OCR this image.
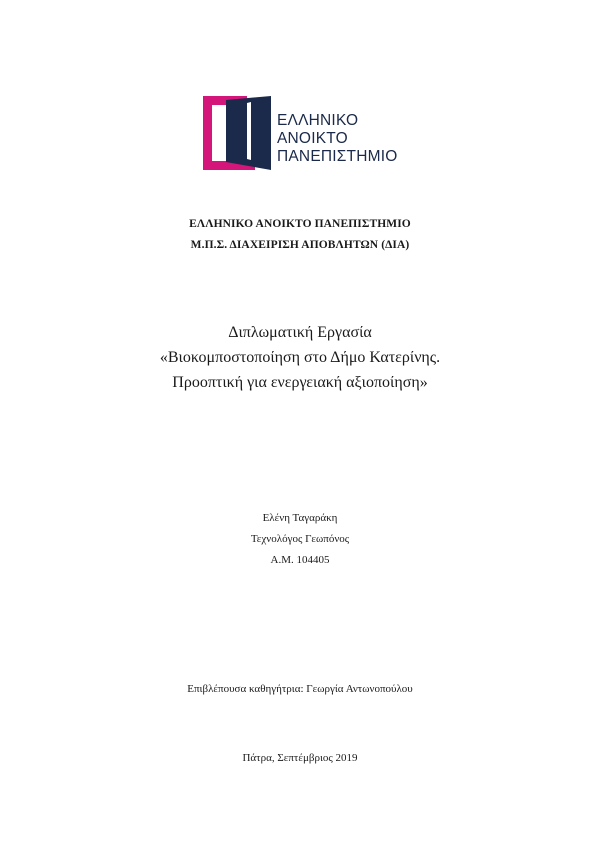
ΕΛΛΗΝΙΚΟ
ΑΝΟΙΚΤΟ
ΠΑΝΕΠΙΣΤΗΜΙΟ
ΕΛΛΗΝΙΚΟ ΑΝΟΙΚΤΟ ΠΑΝΕΠΙΣΤΗΜΙΟ
Μ.Π.Σ. ΔΙΑΧΕΙΡΙΣΗ ΑΠΟΒΛΗΤΩΝ (ΔΙΑ)
Διπλωματική Εργασία
«Βιοκομποστοποίηση στο Δήμο Κατερίνης.
Προοπτική για ενεργειακή αξιοποίηση»
Ελένη Ταγαράκη
Τεχνολόγος Γεωπόνος
Α.Μ. 104405
Επιβλέπουσα καθηγήτρια: Γεωργία Αντωνοπούλου
Πάτρα, Σεπτέμβριος 2019
